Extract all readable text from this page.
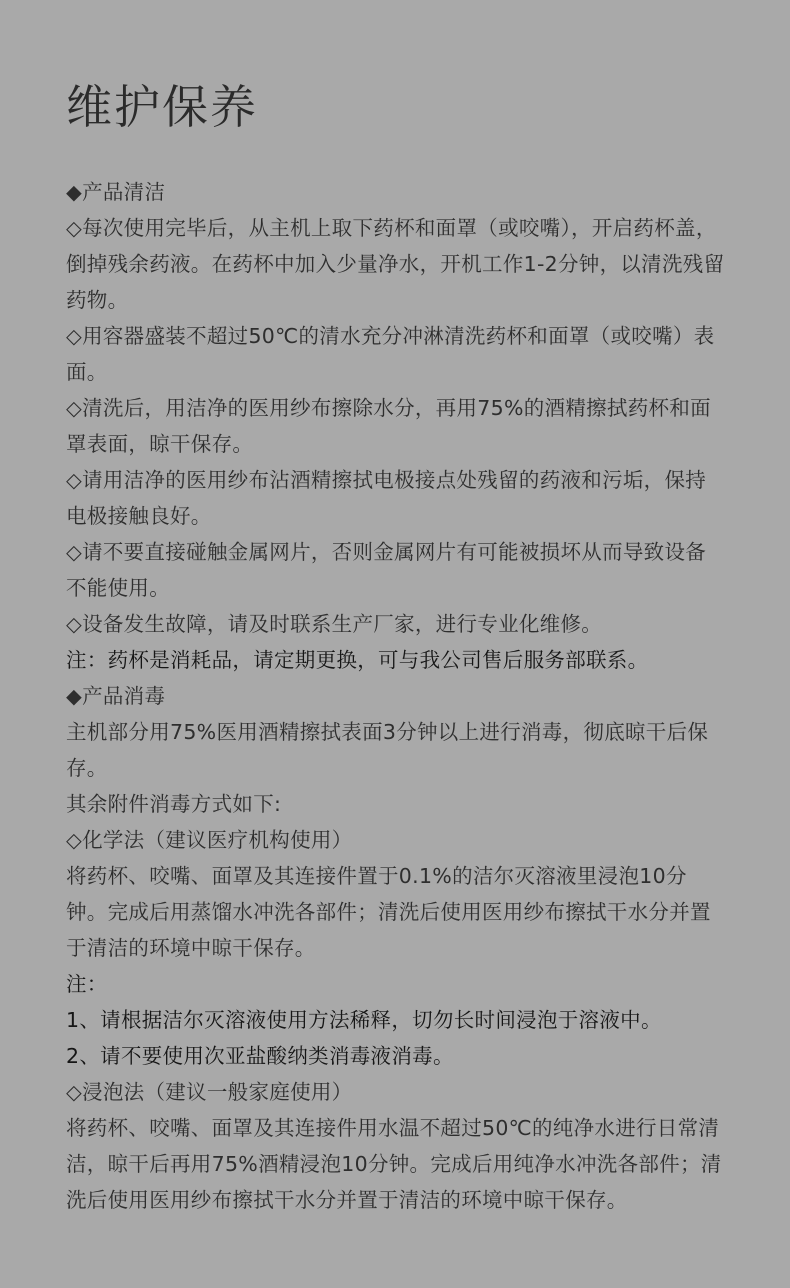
维护保养

◆产品清洁

◇每次使用完毕后，从主机上取下药杯和面罩（或咬嘴），开启药杯盖，倒掉残余药液。在药杯中加入少量净水，开机工作1-2分钟，以清洗残留药物。

◇用容器盛装不超过50℃的清水充分冲淋清洗药杯和面罩（或咬嘴）表面。

◇清洗后，用洁净的医用纱布擦除水分，再用75%的酒精擦拭药杯和面罩表面，晾干保存。

◇请用洁净的医用纱布沾酒精擦拭电极接点处残留的药液和污垢，保持电极接触良好。

◇请不要直接碰触金属网片，否则金属网片有可能被损坏从而导致设备不能使用。

◇设备发生故障，请及时联系生产厂家，进行专业化维修。

注：药杯是消耗品，请定期更换，可与我公司售后服务部联系。

◆产品消毒

主机部分用75%医用酒精擦拭表面3分钟以上进行消毒，彻底晾干后保存。

其余附件消毒方式如下:

◇化学法（建议医疗机构使用）

将药杯、咬嘴、面罩及其连接件置于0.1%的洁尔灭溶液里浸泡10分钟。完成后用蒸馏水冲洗各部件；清洗后使用医用纱布擦拭干水分并置于清洁的环境中晾干保存。

注：

1、请根据洁尔灭溶液使用方法稀释，切勿长时间浸泡于溶液中。

2、请不要使用次亚盐酸纳类消毒液消毒。

◇浸泡法（建议一般家庭使用）

将药杯、咬嘴、面罩及其连接件用水温不超过50℃的纯净水进行日常清洁，晾干后再用75%酒精浸泡10分钟。完成后用纯净水冲洗各部件；清洗后使用医用纱布擦拭干水分并置于清洁的环境中晾干保存。
